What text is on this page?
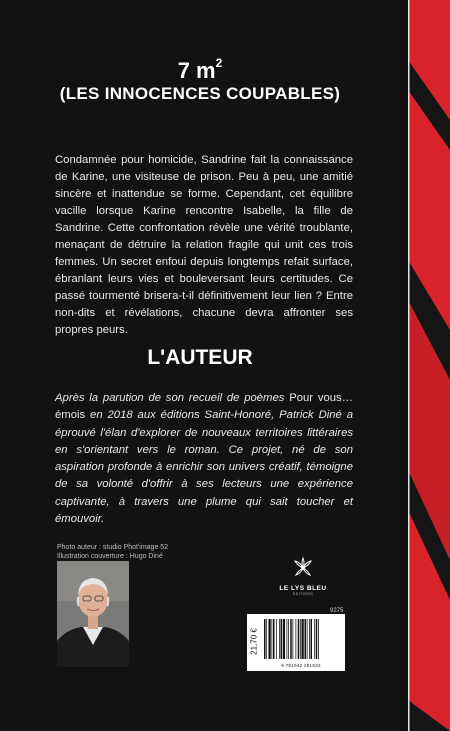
7 $m^2$
(LES INNOCENCES COUPABLES)
Condamnée pour homicide, Sandrine fait la connaissance de Karine, une visiteuse de prison. Peu à peu, une amitié sincère et inattendue se forme. Cependant, cet équilibre vacille lorsque Karine rencontre Isabelle, la fille de Sandrine. Cette confrontation révèle une vérité troublante, menaçant de détruire la relation fragile qui unit ces trois femmes. Un secret enfoui depuis longtemps refait surface, ébranlant leurs vies et bouleversant leurs certitudes. Ce passé tourmenté brisera-t-il définitivement leur lien ? Entre non-dits et révélations, chacune devra affronter ses propres peurs.
L'AUTEUR
Après la parution de son recueil de poèmes Pour vous… émois en 2018 aux éditions Saint-Honoré, Patrick Diné a éprouvé l'élan d'explorer de nouveaux territoires littéraires en s'orientant vers le roman. Ce projet, né de son aspiration profonde à enrichir son univers créatif, témoigne de sa volonté d'offrir à ses lecteurs une expérience captivante, à travers une plume qui sait toucher et émouvoir.
Photo auteur : studio Phot'image 52
Illustration couverture : Hugo Diné
LE LYS BLEU
ÉDITIONS
9275
21,70 €
9 791042 251632
